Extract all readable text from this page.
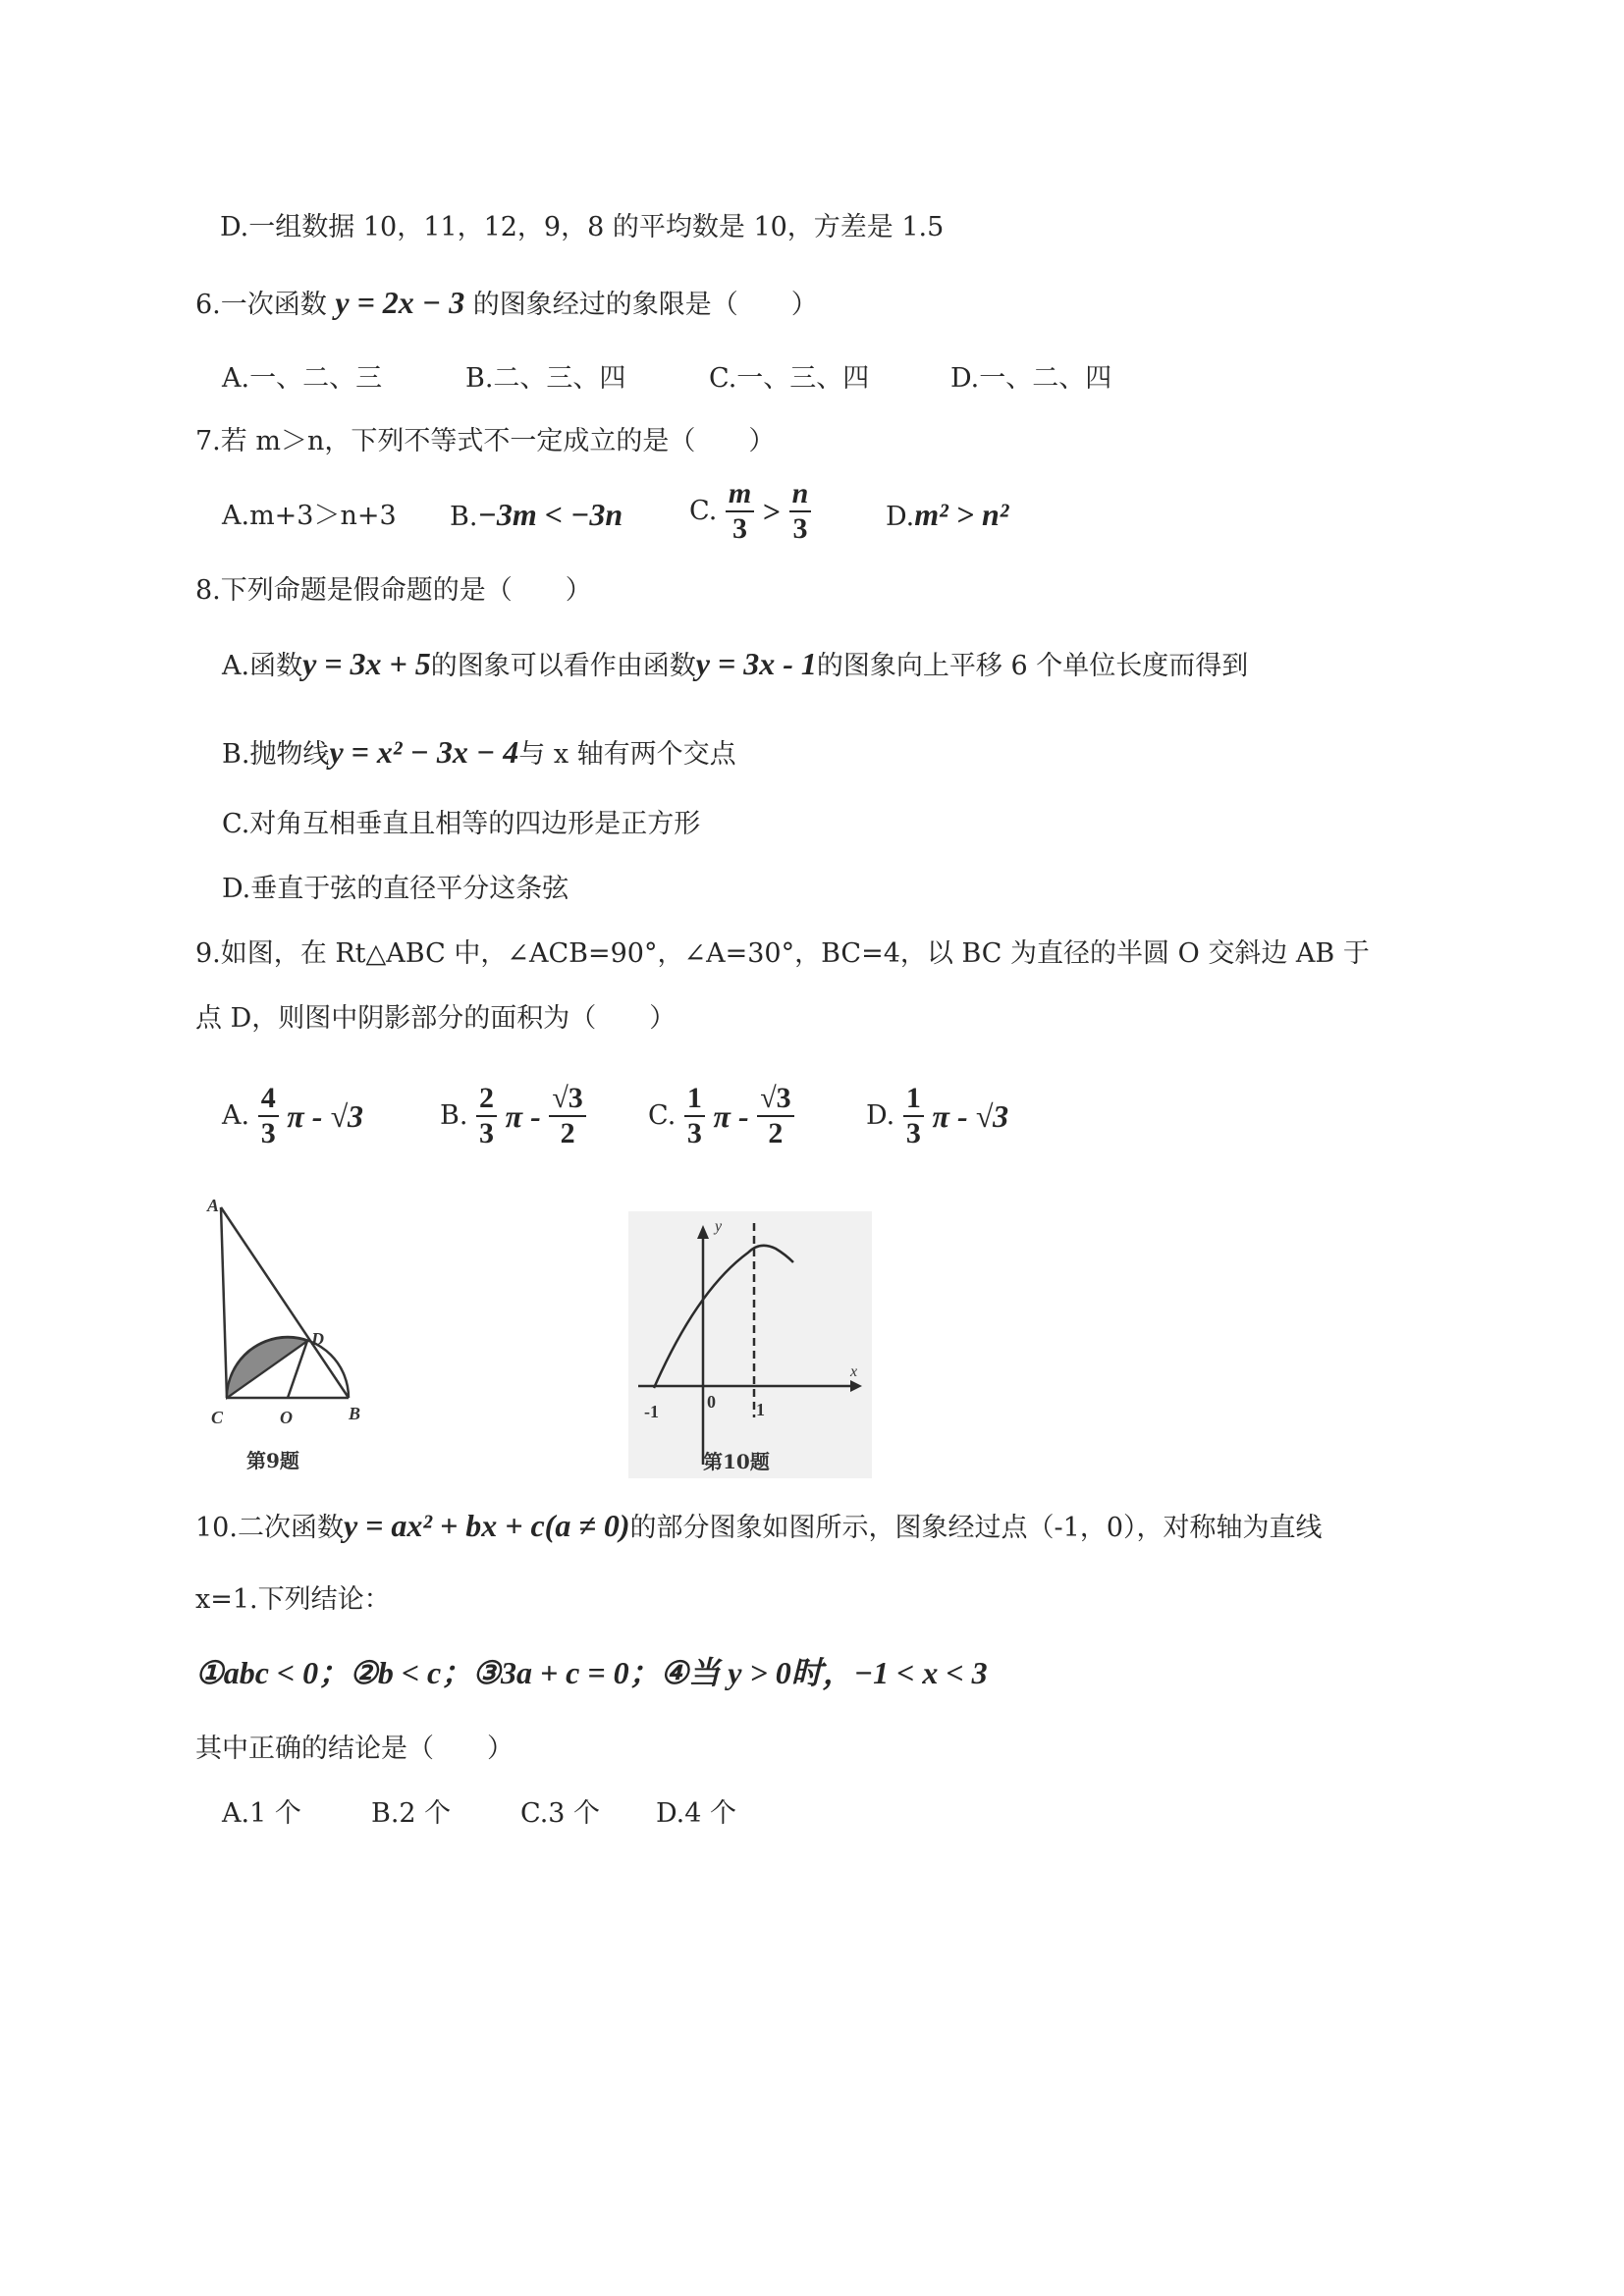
D.一组数据 10，11，12，9，8 的平均数是 10，方差是 1.5
6.一次函数 y = 2x − 3 的图象经过的象限是（　　）
A.一、二、三	B.二、三、四	C.一、三、四	D.一、二、四
7.若 m＞n，下列不等式不一定成立的是（　　）
A.m+3＞n+3 B.−3m < −3n	C. $\frac{m}{3} > \frac{n}{3}$	D.m² > n²
8.下列命题是假命题的是（　　）
A.函数y = 3x + 5的图象可以看作由函数y = 3x - 1的图象向上平移 6 个单位长度而得到
B.抛物线y = x² − 3x − 4与 x 轴有两个交点
C.对角互相垂直且相等的四边形是正方形
D.垂直于弦的直径平分这条弦
9.如图，在 Rt△ABC 中，∠ACB=90°，∠A=30°，BC=4，以 BC 为直径的半圆 O 交斜边 AB 于
点 D，则图中阴影部分的面积为（　　）
A. $\frac{4}{3}$ π - √3	B. $\frac{2}{3}$ π - $\frac{√3}{2} C$. $\frac{1}{3}$ π - $\frac{√3}{2}$	D. $\frac{1}{3}$ π - √3
A
D
C	O	B
第9题
y
x
-1	0 1
第10题
10.二次函数y = ax² + bx + c(a ≠ 0)的部分图象如图所示，图象经过点（-1，0），对称轴为直线
x=1.下列结论：
①abc < 0；②b < c；③3a + c = 0；④当 y > 0时，−1 < x < 3
其中正确的结论是（　　）
A.1 个	B.2 个	C.3 个 D.4 个
